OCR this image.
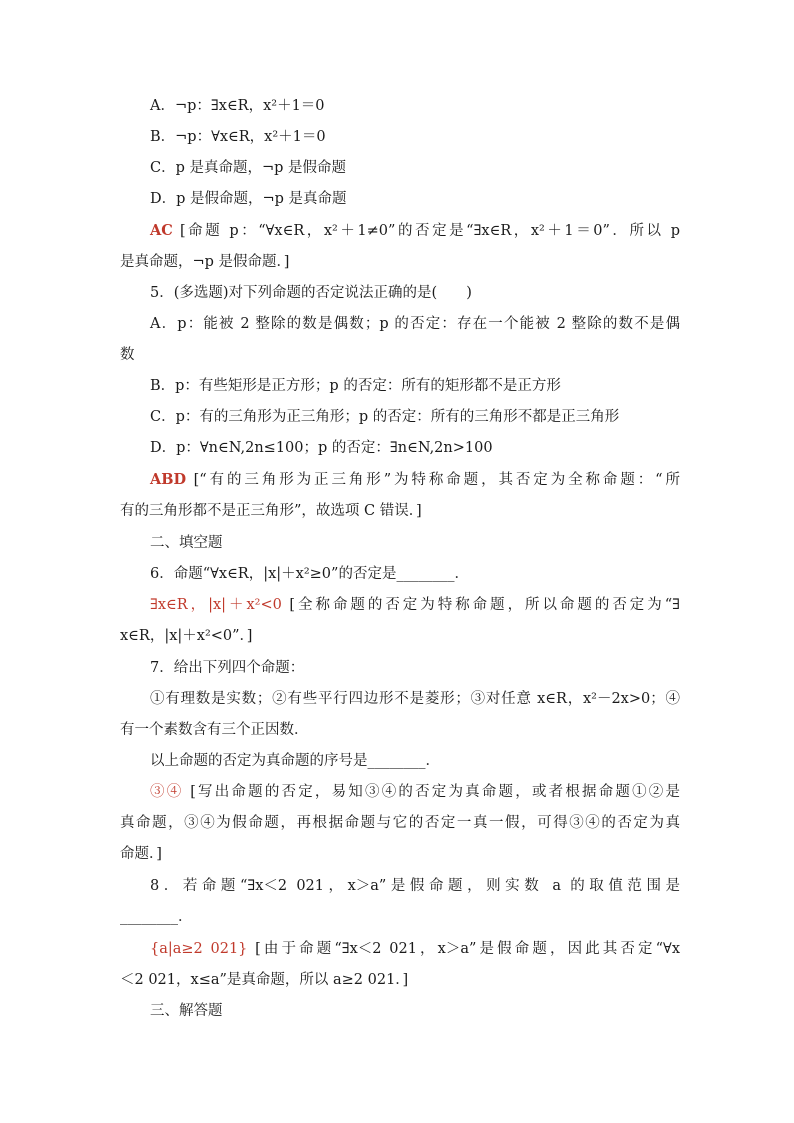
A．¬p：∃x∈R，x²＋1＝0
B．¬p：∀x∈R，x²＋1＝0
C．p 是真命题，¬p 是假命题
D．p 是假命题，¬p 是真命题
AC [命题 p：“∀x∈R，x²＋1≠0”的否定是“∃x∈R，x²＋1＝0”．所以 p
是真命题，¬p 是假命题．]
5．(多选题)对下列命题的否定说法正确的是(　　)
A．p：能被 2 整除的数是偶数；p 的否定：存在一个能被 2 整除的数不是偶
数
B．p：有些矩形是正方形；p 的否定：所有的矩形都不是正方形
C．p：有的三角形为正三角形；p 的否定：所有的三角形不都是正三角形
D．p：∀n∈N,2n≤100；p 的否定：∃n∈N,2n>100
ABD [“有的三角形为正三角形”为特称命题，其否定为全称命题：“所
有的三角形都不是正三角形”，故选项 C 错误．]
二、填空题
6．命题“∀x∈R，|x|＋x²≥0”的否定是________．
∃x∈R，|x|＋x²<0 [全称命题的否定为特称命题，所以命题的否定为“∃
x∈R，|x|＋x²<0”．]
7．给出下列四个命题：
①有理数是实数；②有些平行四边形不是菱形；③对任意 x∈R，x²－2x>0；④
有一个素数含有三个正因数．
以上命题的否定为真命题的序号是________．
③④ [写出命题的否定，易知③④的否定为真命题，或者根据命题①②是
真命题，③④为假命题，再根据命题与它的否定一真一假，可得③④的否定为真
命题．]
8．若命题“∃x＜2 021，x＞a”是假命题，则实数 a 的取值范围是
________．
{a|a≥2 021} [由于命题“∃x＜2 021，x＞a”是假命题，因此其否定“∀x
＜2 021，x≤a”是真命题，所以 a≥2 021．]
三、解答题
